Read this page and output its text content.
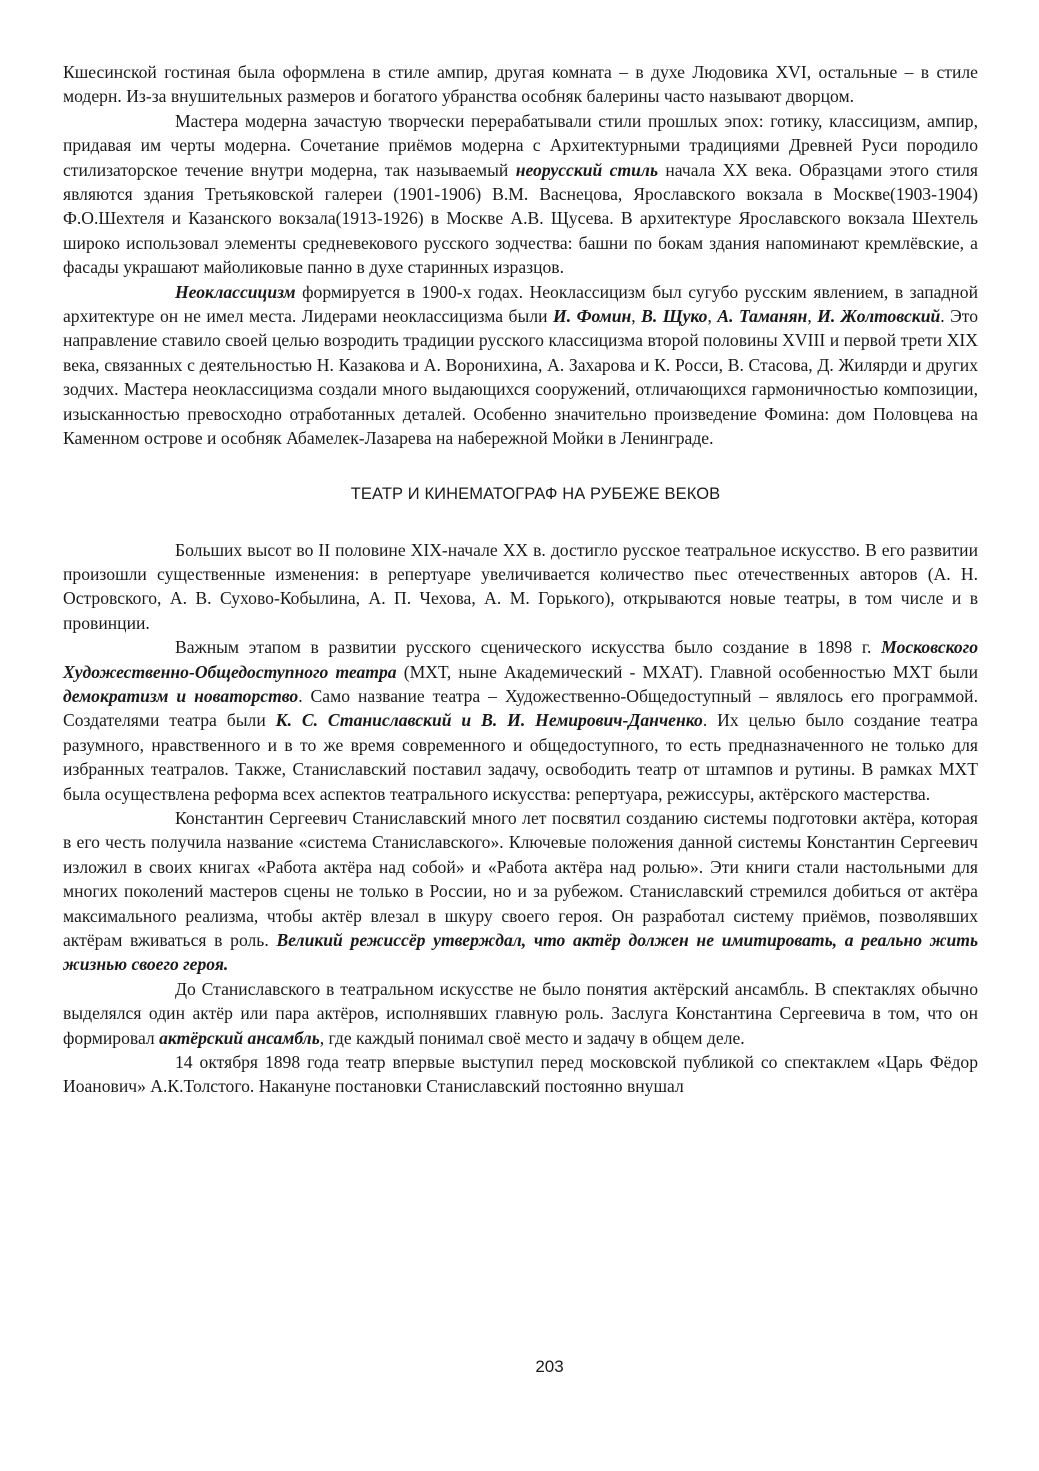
Кшесинской гостиная была оформлена в стиле ампир, другая комната – в духе Людовика XVI, остальные – в стиле модерн. Из-за внушительных размеров и богатого убранства особняк балерины часто называют дворцом.

Мастера модерна зачастую творчески перерабатывали стили прошлых эпох: готику, классицизм, ампир, придавая им черты модерна. Сочетание приёмов модерна с Архитектурными традициями Древней Руси породило стилизаторское течение внутри модерна, так называемый неорусский стиль начала XX века. Образцами этого стиля являются здания Третьяковской галереи (1901-1906) В.М. Васнецова, Ярославского вокзала в Москве(1903-1904) Ф.О.Шехтеля и Казанского вокзала(1913-1926) в Москве А.В. Щусева. В архитектуре Ярославского вокзала Шехтель широко использовал элементы средневекового русского зодчества: башни по бокам здания напоминают кремлёвские, а фасады украшают майоликовые панно в духе старинных изразцов.

Неоклассицизм формируется в 1900-х годах. Неоклассицизм был сугубо русским явлением, в западной архитектуре он не имел места. Лидерами неоклассицизма были И. Фомин, В. Щуко, А. Таманян, И. Жолтовский. Это направление ставило своей целью возродить традиции русского классицизма второй половины XVIII и первой трети XIX века, связанных с деятельностью Н. Казакова и А. Воронихина, А. Захарова и К. Росси, В. Стасова, Д. Жилярди и других зодчих. Мастера неоклассицизма создали много выдающихся сооружений, отличающихся гармоничностью композиции, изысканностью превосходно отработанных деталей. Особенно значительно произведение Фомина: дом Половцева на Каменном острове и особняк Абамелек-Лазарева на набережной Мойки в Ленинграде.

ТЕАТР И КИНЕМАТОГРАФ НА РУБЕЖЕ ВЕКОВ

Больших высот во II половине XIX-начале XX в. достигло русское театральное искусство. В его развитии произошли существенные изменения: в репертуаре увеличивается количество пьес отечественных авторов (А. Н. Островского, А. В. Сухово-Кобылина, А. П. Чехова, А. М. Горького), открываются новые театры, в том числе и в провинции.

Важным этапом в развитии русского сценического искусства было создание в 1898 г. Московского Художественно-Общедоступного театра (МХТ, ныне Академический - МХАТ). Главной особенностью МХТ были демократизм и новаторство. Само название театра – Художественно-Общедоступный – являлось его программой. Создателями театра были К. С. Станиславский и В. И. Немирович-Данченко. Их целью было создание театра разумного, нравственного и в то же время современного и общедоступного, то есть предназначенного не только для избранных театралов. Также, Станиславский поставил задачу, освободить театр от штампов и рутины. В рамках МХТ была осуществлена реформа всех аспектов театрального искусства: репертуара, режиссуры, актёрского мастерства.

Константин Сергеевич Станиславский много лет посвятил созданию системы подготовки актёра, которая в его честь получила название «система Станиславского». Ключевые положения данной системы Константин Сергеевич изложил в своих книгах «Работа актёра над собой» и «Работа актёра над ролью». Эти книги стали настольными для многих поколений мастеров сцены не только в России, но и за рубежом. Станиславский стремился добиться от актёра максимального реализма, чтобы актёр влезал в шкуру своего героя. Он разработал систему приёмов, позволявших актёрам вживаться в роль. Великий режиссёр утверждал, что актёр должен не имитировать, а реально жить жизнью своего героя.

До Станиславского в театральном искусстве не было понятия актёрский ансамбль. В спектаклях обычно выделялся один актёр или пара актёров, исполнявших главную роль. Заслуга Константина Сергеевича в том, что он формировал актёрский ансамбль, где каждый понимал своё место и задачу в общем деле.

14 октября 1898 года театр впервые выступил перед московской публикой со спектаклем «Царь Фёдор Иоанович» А.К.Толстого. Накануне постановки Станиславский постоянно внушал

203
